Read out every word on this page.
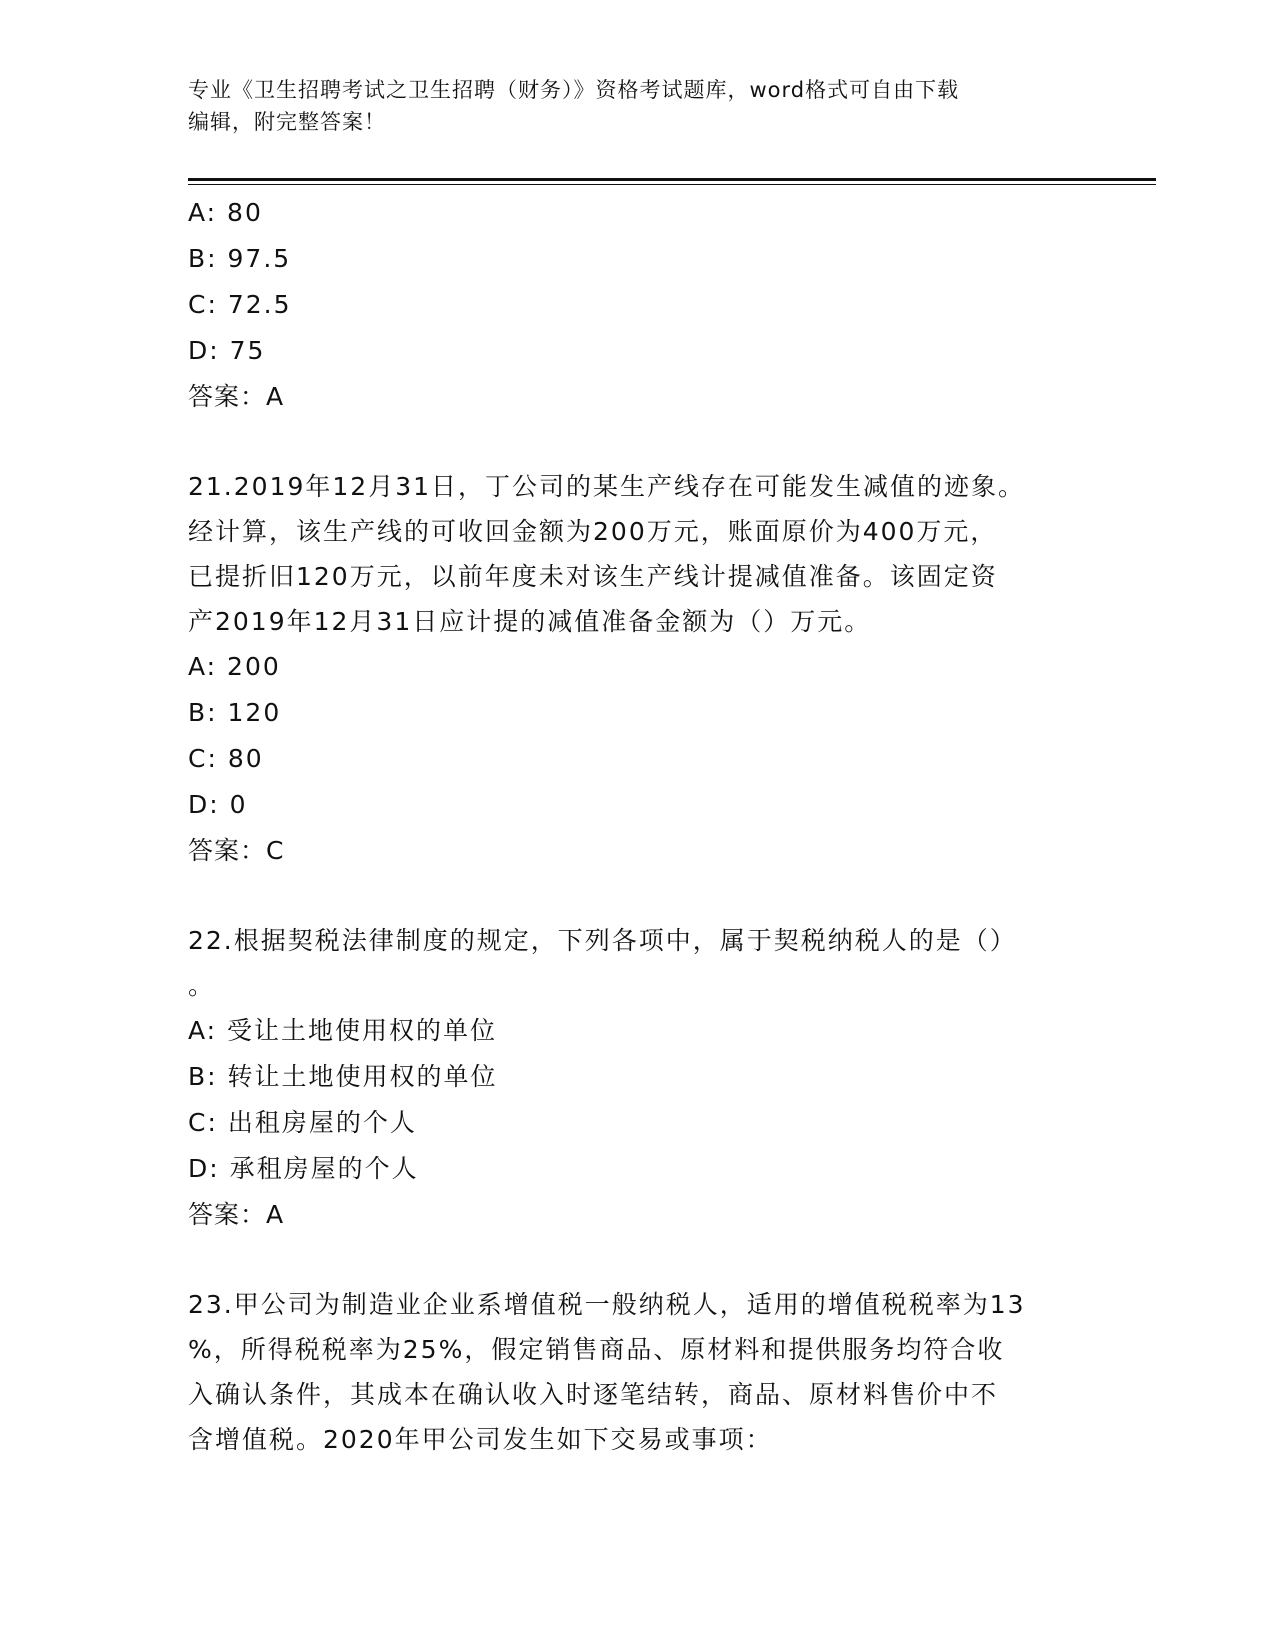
专业《卫生招聘考试之卫生招聘（财务）》资格考试题库，word格式可自由下载
编辑，附完整答案！
A: 80
B: 97.5
C: 72.5
D: 75
答案：A
21.2019年12月31日，丁公司的某生产线存在可能发生减值的迹象。
经计算，该生产线的可收回金额为200万元，账面原价为400万元，
已提折旧120万元，以前年度未对该生产线计提减值准备。该固定资
产2019年12月31日应计提的减值准备金额为（）万元。
A: 200
B: 120
C: 80
D: 0
答案：C
22.根据契税法律制度的规定，下列各项中，属于契税纳税人的是（）
。
A: 受让土地使用权的单位
B: 转让土地使用权的单位
C: 出租房屋的个人
D: 承租房屋的个人
答案：A
23.甲公司为制造业企业系增值税一般纳税人，适用的增值税税率为13
%，所得税税率为25%，假定销售商品、原材料和提供服务均符合收
入确认条件，其成本在确认收入时逐笔结转，商品、原材料售价中不
含增值税。2020年甲公司发生如下交易或事项：
